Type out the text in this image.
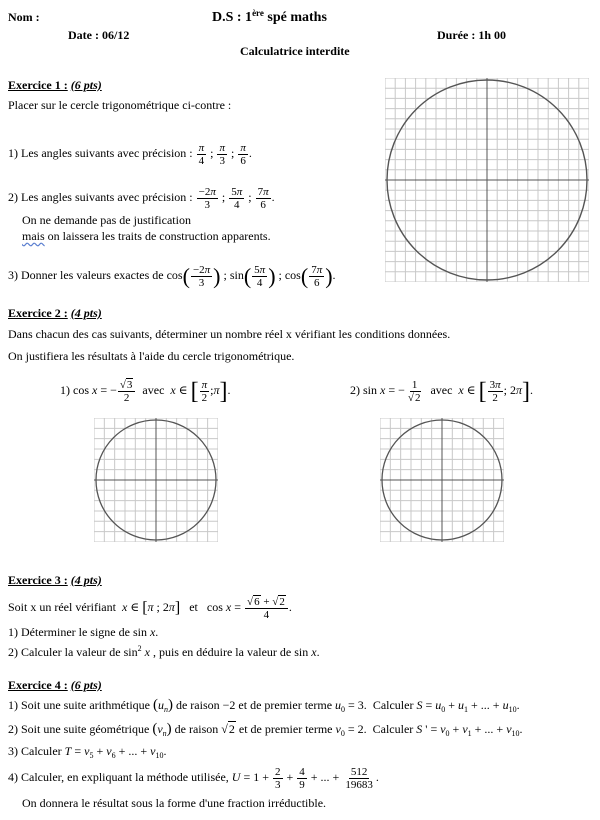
Nom :	D.S : 1ère spé maths
Date : 06/12	Durée : 1h 00
Calculatrice interdite
Exercice 1 : (6 pts)
Placer sur le cercle trigonométrique ci-contre :
1) Les angles suivants avec précision : $\frac{\pi}{4}$ ; $\frac{\pi}{3}$ ; $\frac{\pi}{6}$ .
2) Les angles suivants avec précision : $\frac{-2\pi}{3}$ ; $\frac{5\pi}{4}$ ; $\frac{7\pi}{6}$ .
On ne demande pas de justification
mais on laissera les traits de construction apparents.
3) Donner les valeurs exactes de $\cos( \frac{-2\pi}{3}$ ) ; $\sin( \frac{5\pi}{4}$ ) ; $\cos( \frac{7\pi}{6}$ ).
Exercice 2 : (4 pts)
Dans chacun des cas suivants, déterminer un nombre réel x vérifiant les conditions données.
On justifiera les résultats à l'aide du cercle trigonométrique.
1) cos x = − $\frac{√3}{2}$ avec x ∈ [ $\frac{\pi}{2}$ ;π].	2) sin x = − $\frac{1}{√2}$ avec x ∈ [ $\frac{3\pi}{2}$ ; 2π].
Exercice 3 : (4 pts)
Soit x un réel vérifiant x ∈ [π ; 2π] et   $\cos x = \frac{√6 + √2}{4}$ .
1) Déterminer le signe de sin x.
2) Calculer la valeur de $\sin^2 x$ , puis en déduire la valeur de sin x.
Exercice 4 : (6 pts)
1) Soit une suite arithmétique $(u_n)$ de raison −2 et de premier terme $u_0 = 3$.  Calculer $S = u_0 + u_1$ + ... + $u_{10}$.
2) Soit une suite géométrique $(v_n)$ de raison √2 et de premier terme $v_0 = 2$.  Calculer S ' = $v_0 + v_1$ + ... + $v_{10}$.
3) Calculer $T = v_5 + v_6$ + ... + $v_{10}$.
4) Calculer, en expliquant la méthode utilisée, $U = 1 + \frac{2}{3} + \frac{4}{9}$ + ... + $\frac{512}{19683}$ .
On donnera le résultat sous la forme d'une fraction irréductible.
